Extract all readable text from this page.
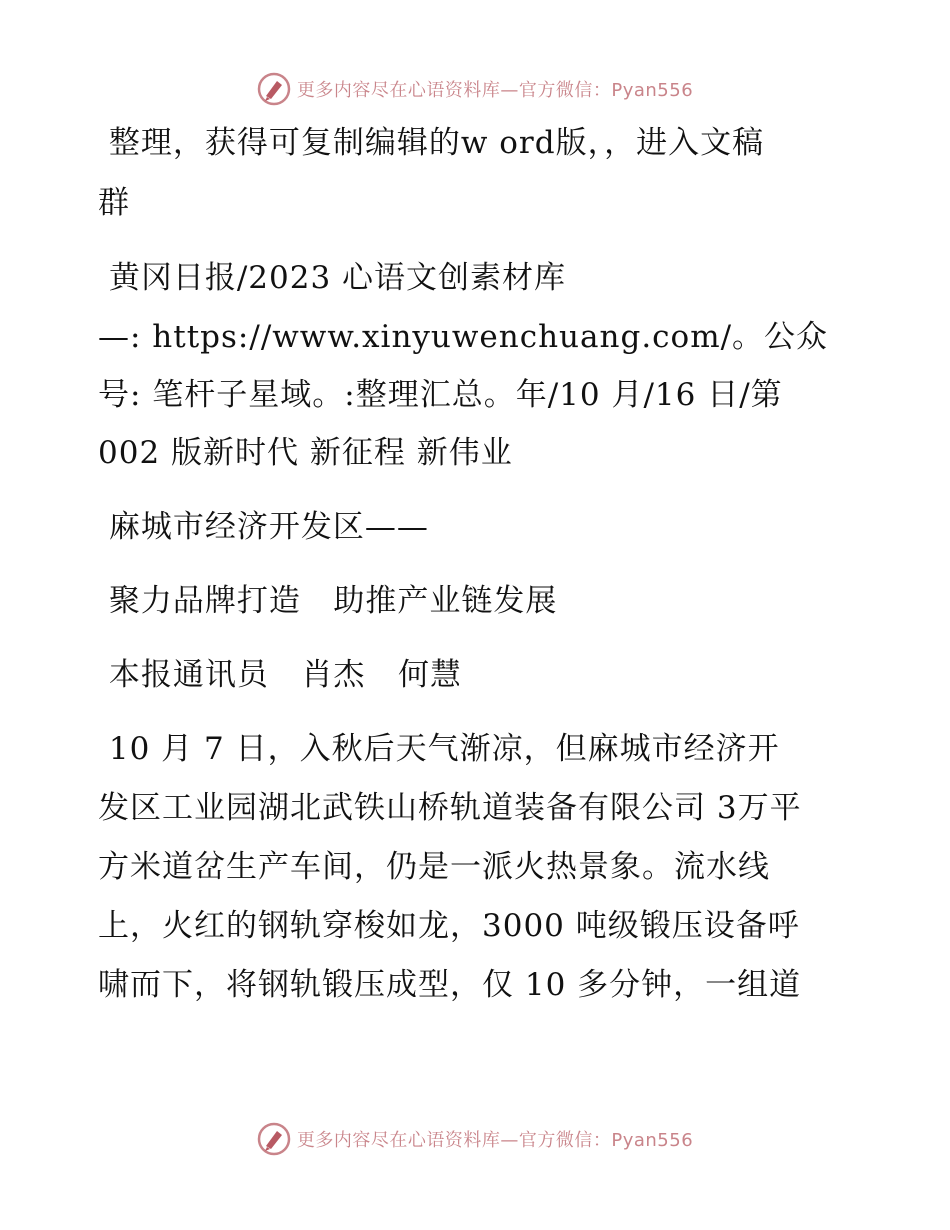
更多内容尽在心语资料库—官方微信：Pyan556
整理，获得可复制编辑的w ord版，，进入文稿
群
黄冈日报/2023 心语文创素材库
—: https://www.xinyuwenchuang.com/。公众
号: 笔杆子星域。:整理汇总。年/10 月/16 日/第
002 版新时代 新征程 新伟业
麻城市经济开发区——
聚力品牌打造   助推产业链发展
本报通讯员   肖杰   何慧
10 月 7 日，入秋后天气渐凉，但麻城市经济开
发区工业园湖北武铁山桥轨道装备有限公司 3万平
方米道岔生产车间，仍是一派火热景象。流水线
上，火红的钢轨穿梭如龙，3000 吨级锻压设备呼
啸而下，将钢轨锻压成型，仅 10 多分钟，一组道
更多内容尽在心语资料库—官方微信：Pyan556
